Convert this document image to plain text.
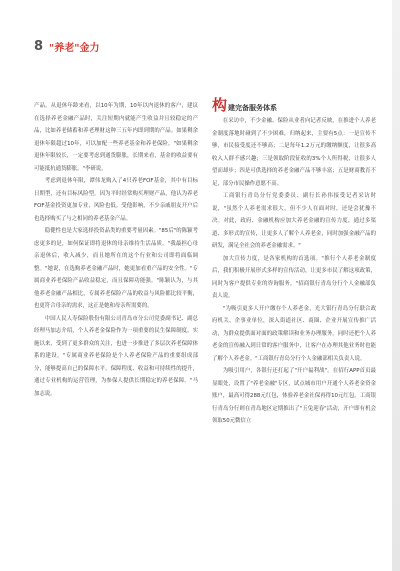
8 "养老"金力

产品。从退休年龄来看，以10年为期，10年以内退休的客户，建议在选择养老金融产品时，关注短期内就能产生收益并且较稳定的产品，比如养老储蓄和养老理财这种三五年内即到期的产品。如果剩余退休年限超过10年，可以加配一些养老基金和养老保险。"如果剩余退休年限较长，一定要考虑到通货膨胀，长期来看，基金的收益要有可能抵抗通货膨胀。"李研说。

考虑到退休年限，谭伟龙购入了4只养老FOF基金，其中有目标日期型，还有目标风险型。因为平时经常购买理财产品，他认为养老FOF基金投资更加专业，风险也低。受他影响，不少亲戚朋友开户后也选择购买了与之相同的养老基金产品。

稳健性也是大家选择投资品类的重要考量因素。"85后"的陈颖考虑更多的是，如何保证即将退休的母亲维持生活品质。"我最担心母亲退休后，收入减少，而且她所在的这个行业和公司即将面临调整。"她说，在选购养老金融产品时，她更加看重产品的安全性。"专属商业养老保险产品收益稳定，而且保障功能强。"陈颖认为，与其他养老金融产品相比，专属养老保险产品的收益与风险都比较平衡，也更符合母亲的需求，这正是她和母亲所需要的。

中国人民人寿保险股份有限公司青岛市分公司党委副书记、副总经理马加志介绍，个人养老金保险作为一项重要的民生保障制度，实施以来，受到了更多群众的关注，也进一步推进了多层次养老保障体系的建设。"专属商业养老保险是个人养老保险产品的重要组成部分，能够提高自己的保障水平，保障程度、收益和可持续性的提升，通过专业机构的运营管理，为参保人提供长期稳定的养老保障。"马加志说。

构 建完备服务体系

在采访中，不少金融、保险从业者向记者反映，在推进个人养老金制度落地时碰到了不少困难，归纳起来，主要有5点：一是宣传不够，市民接受度还不够高；二是每年1.2万元的缴纳额度，让很多高收入人群不感兴趣；三是领取阶段征收的3%个人所得税，让很多人望而却步；四是可供选择的养老金融产品不够丰富；五是财商教育不足，部分市民操作意愿不高。

工商银行青岛分行党委委员、副行长孙伟接受记者采访时说，"虽然个人养老需求很大，但不少人在面对时，还是会犹豫不决。对此，政府、金融机构应加大养老金融的宣传力度，通过多渠道、多形式的宣传，让更多人了解个人养老金，同时加强金融产品的研发，满足全社会的养老金融需求。"

加大宣传力度，是各家机构的首选项。"推行个人养老金制度后，我们积极开展形式多样的宣传活动，让更多市民了解这项政策，同时为客户提供专业的咨询服务。"招商银行青岛分行个人金融部负责人说。

"为吸引更多人开户缴存个人养老金，光大银行青岛分行联合政府机关、企事业单位，深入街道社区、商圈、企业开展宣传推广活动，为群众提供面对面的政策解读和业务办理服务。同时还把个人养老金的宣传融入到日常的客户服务中，让客户在办理其他业务时也能了解个人养老金。"工商银行青岛分行个人金融部相关负责人说。

为吸引用户，各银行还打起了"开户福利战"。在招行APP首页最显眼处，设置了"养老金融"专区，试点城市用户开通个人养老金资金账户，最高可得288元红包，体验养老金社保再得10元红包。工商银行青岛分行则在青岛地区定期推出了"玉兔迎春"活动，开户即有机会领取50元微信立
